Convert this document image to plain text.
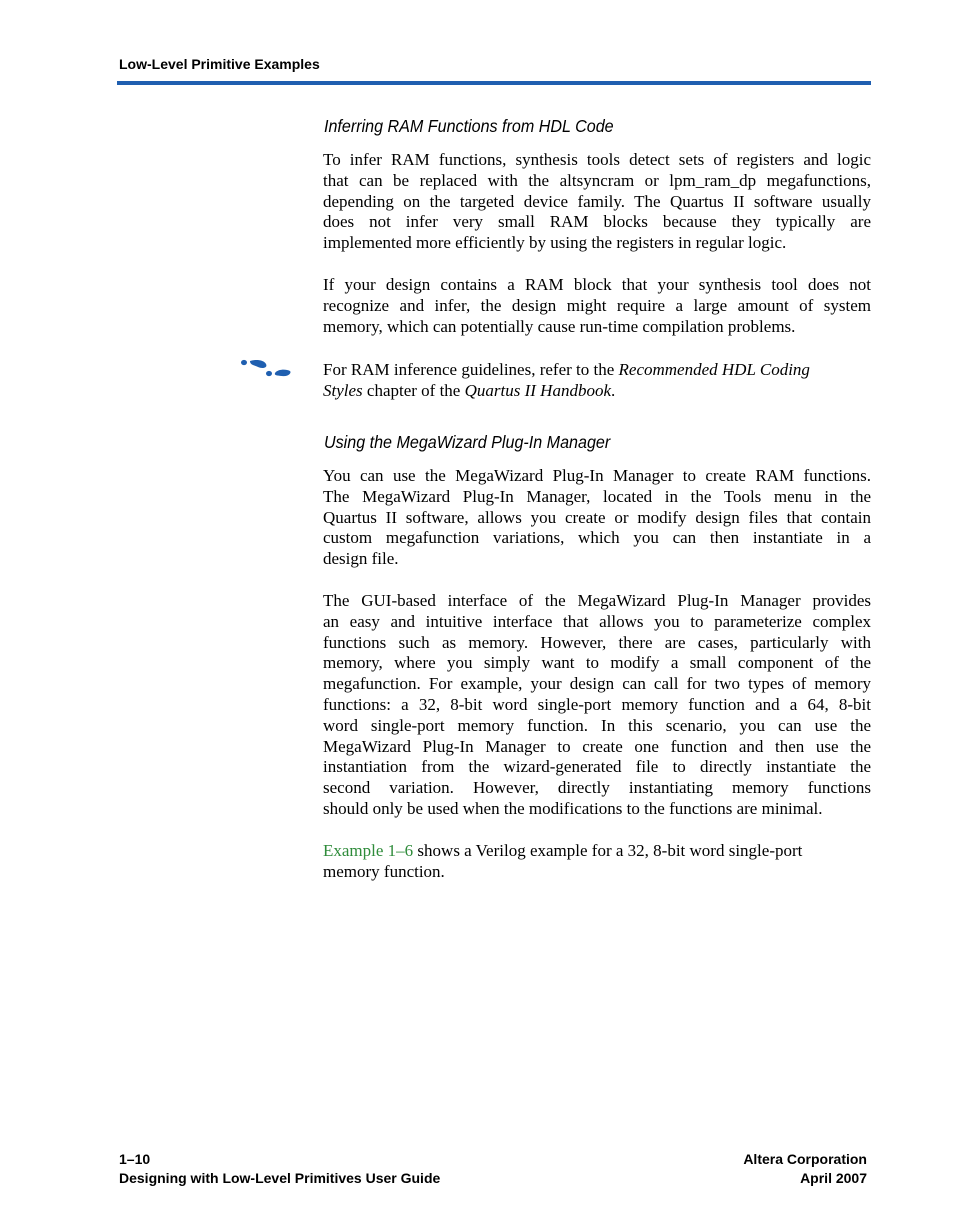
Low-Level Primitive Examples
Inferring RAM Functions from HDL Code

To infer RAM functions, synthesis tools detect sets of registers and logic
that can be replaced with the altsyncram or lpm_ram_dp megafunctions,
depending on the targeted device family. The Quartus II software usually
does not infer very small RAM blocks because they typically are
implemented more efficiently by using the registers in regular logic.

If your design contains a RAM block that your synthesis tool does not
recognize and infer, the design might require a large amount of system
memory, which can potentially cause run-time compilation problems.

For RAM inference guidelines, refer to the Recommended HDL Coding
Styles chapter of the Quartus II Handbook.

Using the MegaWizard Plug-In Manager

You can use the MegaWizard Plug-In Manager to create RAM functions.
The MegaWizard Plug-In Manager, located in the Tools menu in the
Quartus II software, allows you create or modify design files that contain
custom megafunction variations, which you can then instantiate in a
design file.

The GUI-based interface of the MegaWizard Plug-In Manager provides
an easy and intuitive interface that allows you to parameterize complex
functions such as memory. However, there are cases, particularly with
memory, where you simply want to modify a small component of the
megafunction. For example, your design can call for two types of memory
functions: a 32, 8-bit word single-port memory function and a 64, 8-bit
word single-port memory function. In this scenario, you can use the
MegaWizard Plug-In Manager to create one function and then use the
instantiation from the wizard-generated file to directly instantiate the
second variation. However, directly instantiating memory functions
should only be used when the modifications to the functions are minimal.

Example 1–6 shows a Verilog example for a 32, 8-bit word single-port
memory function.

1–10
Designing with Low-Level Primitives User Guide
Altera Corporation
April 2007
